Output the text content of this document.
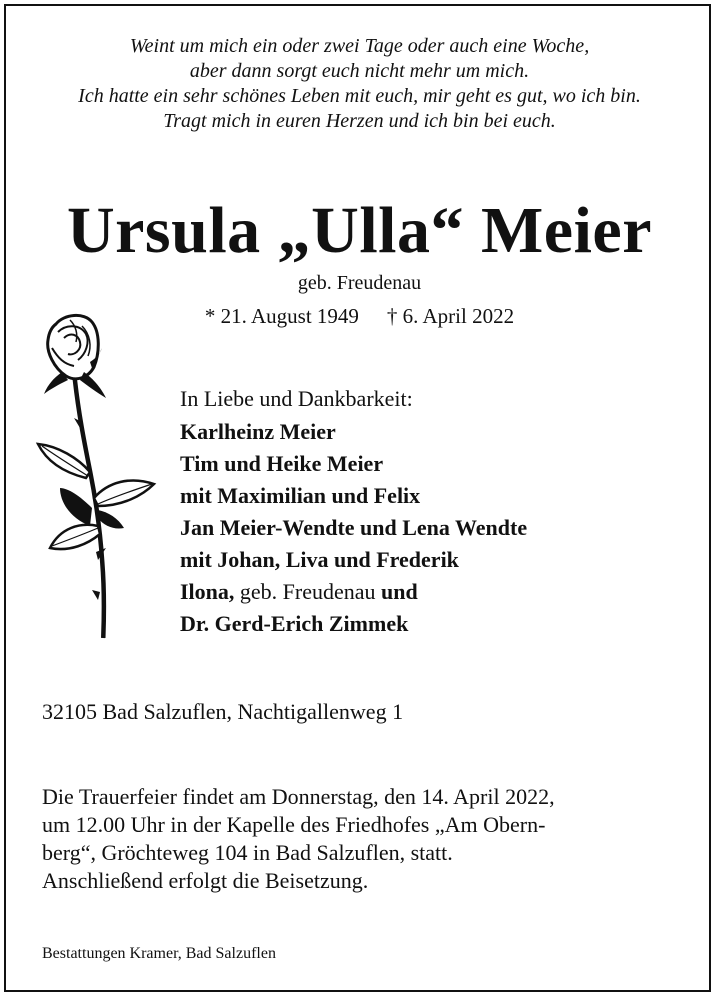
Weint um mich ein oder zwei Tage oder auch eine Woche,
aber dann sorgt euch nicht mehr um mich.
Ich hatte ein sehr schönes Leben mit euch, mir geht es gut, wo ich bin.
Tragt mich in euren Herzen und ich bin bei euch.
Ursula „Ulla“ Meier
geb. Freudenau
* 21. August 1949 † 6. April 2022
In Liebe und Dankbarkeit:
Karlheinz Meier
Tim und Heike Meier
mit Maximilian und Felix
Jan Meier-Wendte und Lena Wendte
mit Johan, Liva und Frederik
Ilona, geb. Freudenau und
Dr. Gerd-Erich Zimmek
32105 Bad Salzuflen, Nachtigallenweg 1
Die Trauerfeier findet am Donnerstag, den 14. April 2022,
um 12.00 Uhr in der Kapelle des Friedhofes „Am Obern-
berg“, Gröchteweg 104 in Bad Salzuflen, statt.
Anschließend erfolgt die Beisetzung.
Bestattungen Kramer, Bad Salzuflen
